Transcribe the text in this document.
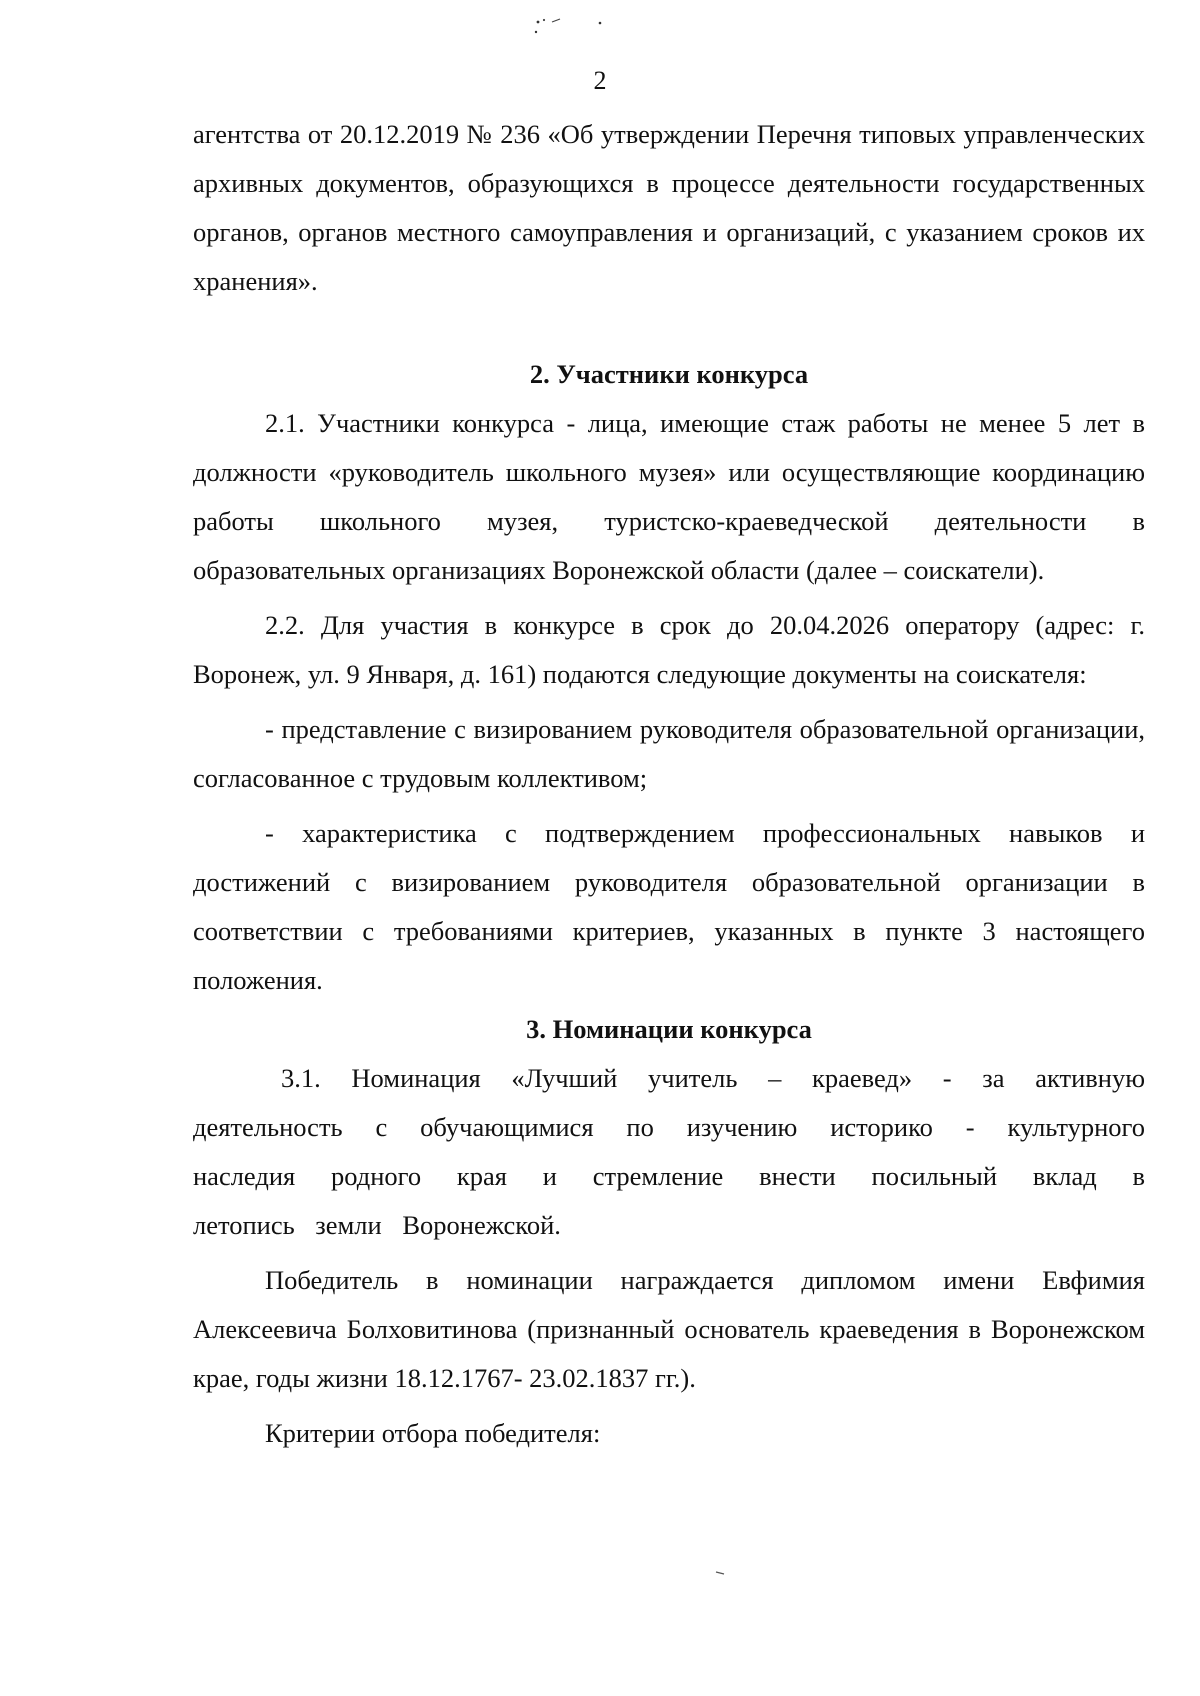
2

агентства от 20.12.2019 № 236 «Об утверждении Перечня типовых управленческих архивных документов, образующихся в процессе деятельности государственных органов, органов местного самоуправления и организаций, с указанием сроков их хранения».

2. Участники конкурса

2.1. Участники конкурса - лица, имеющие стаж работы не менее 5 лет в должности «руководитель школьного музея» или осуществляющие координацию работы школьного музея, туристско-краеведческой деятельности в образовательных организациях Воронежской области (далее – соискатели).

2.2. Для участия в конкурсе в срок до 20.04.2026 оператору (адрес: г. Воронеж, ул. 9 Января, д. 161) подаются следующие документы на соискателя:

- представление с визированием руководителя образовательной организации, согласованное с трудовым коллективом;

- характеристика с подтверждением профессиональных навыков и достижений с визированием руководителя образовательной организации в соответствии с требованиями критериев, указанных в пункте 3 настоящего положения.

3. Номинации конкурса

3.1. Номинация «Лучший учитель – краевед» - за активную деятельность с обучающимися по изучению историко - культурного наследия родного края и стремление внести посильный вклад в летопись земли Воронежской.

Победитель в номинации награждается дипломом имени Евфимия Алексеевича Болховитинова (признанный основатель краеведения в Воронежском крае, годы жизни 18.12.1767- 23.02.1837 гг.).

Критерии отбора победителя:
